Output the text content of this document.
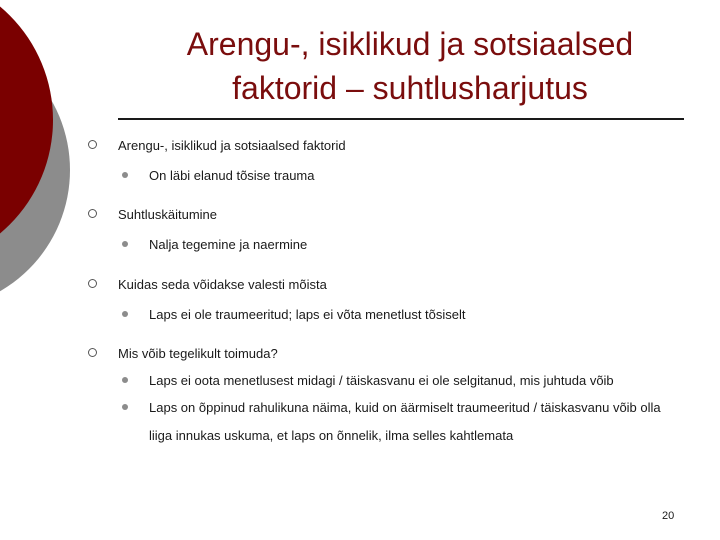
Arengu-, isiklikud ja sotsiaalsed
faktorid – suhtlusharjutus
Arengu-, isiklikud ja sotsiaalsed faktorid
On läbi elanud tõsise trauma
Suhtluskäitumine
Nalja tegemine ja naermine
Kuidas seda võidakse valesti mõista
Laps ei ole traumeeritud; laps ei võta menetlust tõsiselt
Mis võib tegelikult toimuda?
Laps ei oota menetlusest midagi / täiskasvanu ei ole selgitanud, mis juhtuda võib
Laps on õppinud rahulikuna näima, kuid on äärmiselt traumeeritud / täiskasvanu võib olla
liiga innukas uskuma, et laps on õnnelik, ilma selles kahtlemata
20
